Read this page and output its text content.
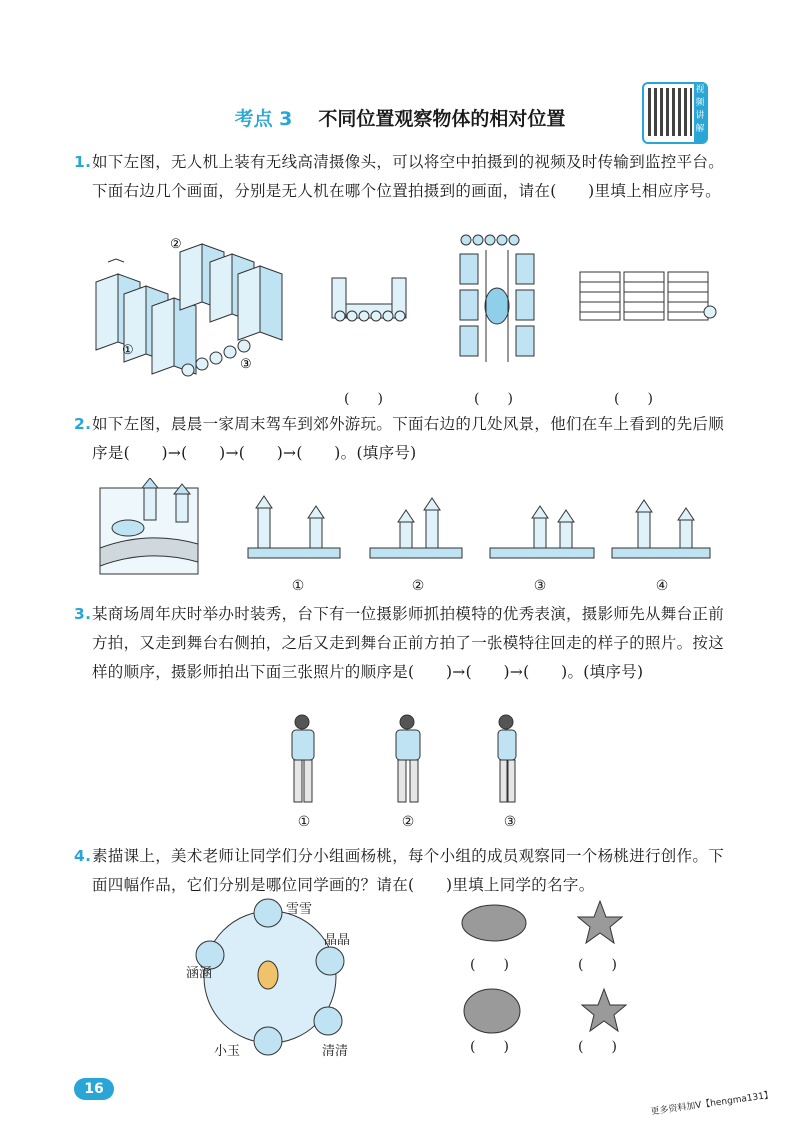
考点 3 不同位置观察物体的相对位置
视频讲解
1. 如下左图，无人机上装有无线高清摄像头，可以将空中拍摄到的视频及时传输到监控平台。下面右边几个画面，分别是无人机在哪个位置拍摄到的画面，请在(　　)里填上相应序号。
①
②
③
(　　)	(　　)	(　　)
2. 如下左图，晨晨一家周末驾车到郊外游玩。下面右边的几处风景，他们在车上看到的先后顺序是(　　)→(　　)→(　　)→(　　)。(填序号)
①	②	③	④
3. 某商场周年庆时举办时装秀，台下有一位摄影师抓拍模特的优秀表演，摄影师先从舞台正前方拍，又走到舞台右侧拍，之后又走到舞台正前方拍了一张模特往回走的样子的照片。按这样的顺序，摄影师拍出下面三张照片的顺序是(　　)→(　　)→(　　)。(填序号)
①	②	③
4. 素描课上，美术老师让同学们分小组画杨桃，每个小组的成员观察同一个杨桃进行创作。下面四幅作品，它们分别是哪位同学画的？请在(　　)里填上同学的名字。
雪雪
晶晶
涵涵
小玉	清清
(　　)	(　　)
(　　)	(　　)
16
更多资料加V【hengma131】
